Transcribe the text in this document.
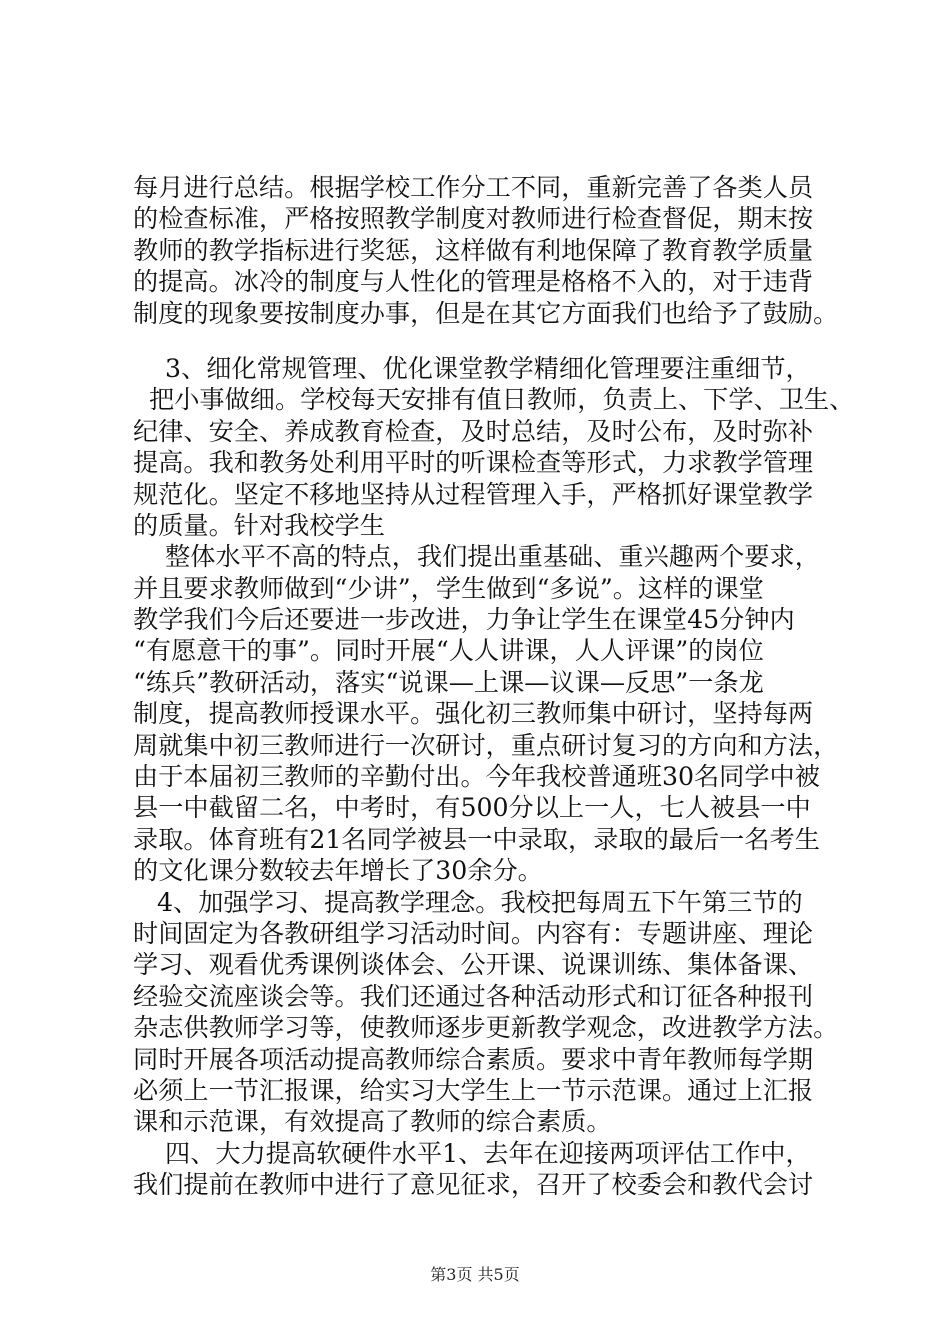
每月进行总结。根据学校工作分工不同，重新完善了各类人员
的检查标准，严格按照教学制度对教师进行检查督促，期末按
教师的教学指标进行奖惩，这样做有利地保障了教育教学质量
的提高。冰冷的制度与人性化的管理是格格不入的，对于违背
制度的现象要按制度办事，但是在其它方面我们也给予了鼓励。
3、细化常规管理、优化课堂教学精细化管理要注重细节，
把小事做细。学校每天安排有值日教师，负责上、下学、卫生、
纪律、安全、养成教育检查，及时总结，及时公布，及时弥补
提高。我和教务处利用平时的听课检查等形式，力求教学管理
规范化。坚定不移地坚持从过程管理入手，严格抓好课堂教学
的质量。针对我校学生
整体水平不高的特点，我们提出重基础、重兴趣两个要求，
并且要求教师做到“少讲”，学生做到“多说”。这样的课堂
教学我们今后还要进一步改进，力争让学生在课堂45分钟内
“有愿意干的事”。同时开展“人人讲课，人人评课”的岗位
“练兵”教研活动，落实“说课—上课—议课—反思”一条龙
制度，提高教师授课水平。强化初三教师集中研讨，坚持每两
周就集中初三教师进行一次研讨，重点研讨复习的方向和方法，
由于本届初三教师的辛勤付出。今年我校普通班30名同学中被
县一中截留二名，中考时，有500分以上一人，七人被县一中
录取。体育班有21名同学被县一中录取，录取的最后一名考生
的文化课分数较去年增长了30余分。
4、加强学习、提高教学理念。我校把每周五下午第三节的
时间固定为各教研组学习活动时间。内容有：专题讲座、理论
学习、观看优秀课例谈体会、公开课、说课训练、集体备课、
经验交流座谈会等。我们还通过各种活动形式和订征各种报刊
杂志供教师学习等，使教师逐步更新教学观念，改进教学方法。
同时开展各项活动提高教师综合素质。要求中青年教师每学期
必须上一节汇报课，给实习大学生上一节示范课。通过上汇报
课和示范课，有效提高了教师的综合素质。
四、大力提高软硬件水平1、去年在迎接两项评估工作中，
我们提前在教师中进行了意见征求，召开了校委会和教代会讨
第3页 共5页
